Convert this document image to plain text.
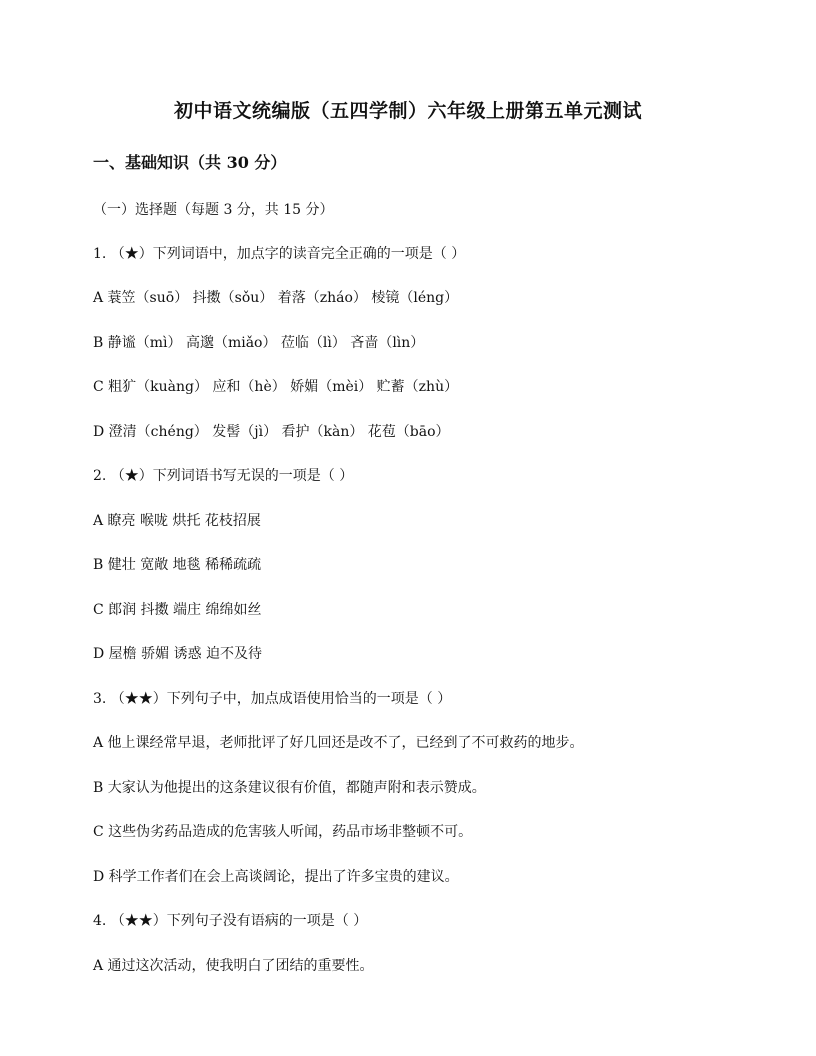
初中语文统编版（五四学制）六年级上册第五单元测试
一、基础知识（共 30 分）

（一）选择题（每题 3 分，共 15 分）

1. （★）下列词语中，加点字的读音完全正确的一项是（ ）

A 蓑笠（suō） 抖擞（sǒu） 着落（zháo） 棱镜（léng）

B 静谧（mì） 高邈（miǎo） 莅临（lì） 吝啬（lìn）

C 粗犷（kuàng） 应和（hè） 娇媚（mèi） 贮蓄（zhù）

D 澄清（chéng） 发髻（jì） 看护（kàn） 花苞（bāo）

2. （★）下列词语书写无误的一项是（ ）

A 瞭亮 喉咙 烘托 花枝招展

B 健壮 宽敞 地毯 稀稀疏疏

C 郎润 抖擞 端庄 绵绵如丝

D 屋檐 骄媚 诱惑 迫不及待

3. （★★）下列句子中，加点成语使用恰当的一项是（ ）

A 他上课经常早退，老师批评了好几回还是改不了，已经到了不可救药的地步。

B 大家认为他提出的这条建议很有价值，都随声附和表示赞成。

C 这些伪劣药品造成的危害骇人听闻，药品市场非整顿不可。

D 科学工作者们在会上高谈阔论，提出了许多宝贵的建议。

4. （★★）下列句子没有语病的一项是（ ）

A 通过这次活动，使我明白了团结的重要性。
